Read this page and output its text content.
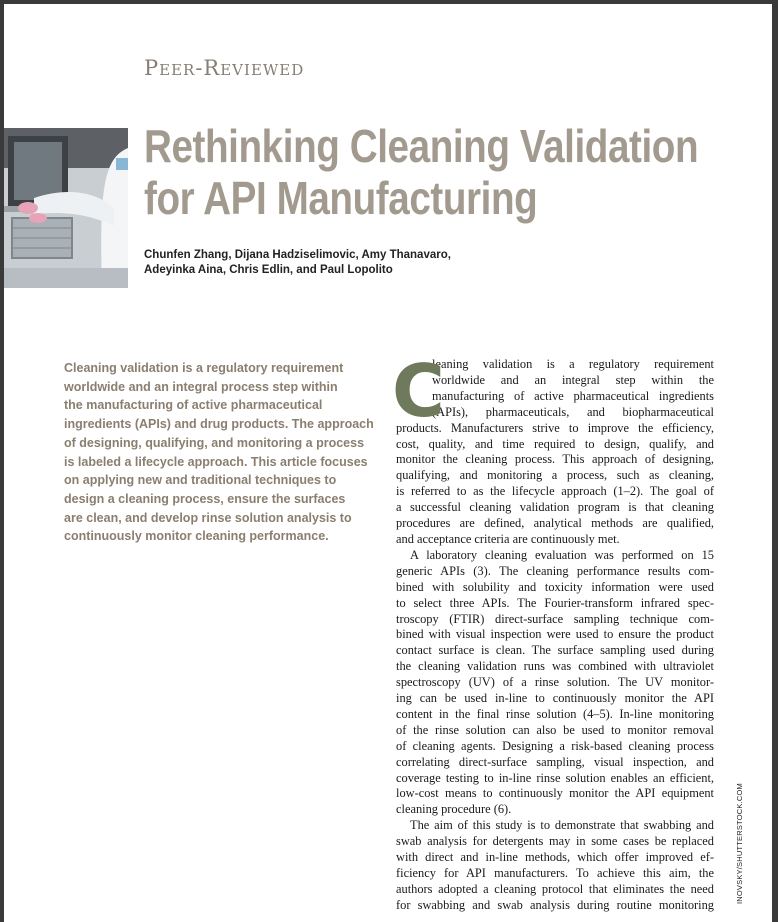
Peer-Reviewed
Rethinking Cleaning Validation
for API Manufacturing
Chunfen Zhang, Dijana Hadziselimovic, Amy Thanavaro,
Adeyinka Aina, Chris Edlin, and Paul Lopolito
Cleaning validation is a regulatory requirement
worldwide and an integral process step within
the manufacturing of active pharmaceutical
ingredients (APIs) and drug products. The approach
of designing, qualifying, and monitoring a process
is labeled a lifecycle approach. This article focuses
on applying new and traditional techniques to
design a cleaning process, ensure the surfaces
are clean, and develop rinse solution analysis to
continuously monitor cleaning performance.
C
leaning validation is a regulatory requirement
worldwide and an integral step within the
manufacturing of active pharmaceutical ingredients
(APIs), pharmaceuticals, and biopharmaceutical
products. Manufacturers strive to improve the efficiency,
cost, quality, and time required to design, qualify, and
monitor the cleaning process. This approach of designing,
qualifying, and monitoring a process, such as cleaning,
is referred to as the lifecycle approach (1–2). The goal of
a successful cleaning validation program is that cleaning
procedures are defined, analytical methods are qualified,
and acceptance criteria are continuously met.
A laboratory cleaning evaluation was performed on 15
generic APIs (3). The cleaning performance results com-
bined with solubility and toxicity information were used
to select three APIs. The Fourier-transform infrared spec-
troscopy (FTIR) direct-surface sampling technique com-
bined with visual inspection were used to ensure the product
contact surface is clean. The surface sampling used during
the cleaning validation runs was combined with ultraviolet
spectroscopy (UV) of a rinse solution. The UV monitor-
ing can be used in-line to continuously monitor the API
content in the final rinse solution (4–5). In-line monitoring
of the rinse solution can also be used to monitor removal
of cleaning agents. Designing a risk-based cleaning process
correlating direct-surface sampling, visual inspection, and
coverage testing to in-line rinse solution enables an efficient,
low-cost means to continuously monitor the API equipment
cleaning procedure (6).
The aim of this study is to demonstrate that swabbing and
swab analysis for detergents may in some cases be replaced
with direct and in-line methods, which offer improved ef-
ficiency for API manufacturers. To achieve this aim, the
authors adopted a cleaning protocol that eliminates the need
for swabbing and swab analysis during routine monitoring
INOVSKY/SHUTTERSTOCK.COM
